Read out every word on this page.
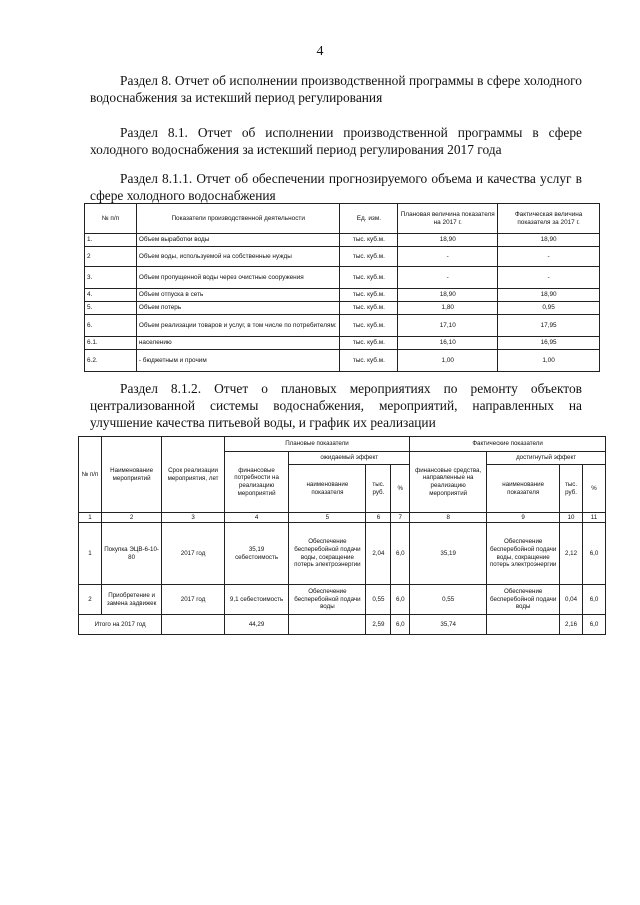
4
Раздел 8. Отчет об исполнении производственной программы в сфере холодного водоснабжения за истекший период регулирования
Раздел 8.1. Отчет об исполнении производственной программы в сфере холодного водоснабжения за истекший период регулирования 2017 года
Раздел 8.1.1. Отчет об обеспечении прогнозируемого объема и качества услуг в сфере холодного водоснабжения
№ п/п	Показатели производственной деятельности	Ед. изм.	Плановая величина показателя на 2017 г.	Фактическая величина показателя за 2017 г.
1.	Объем выработки воды	тыс. куб.м.	18,90	18,90
2	Объем воды, используемой на собственные нужды	тыс. куб.м.	-	-
3.	Объем пропущенной воды через очистные сооружения	тыс. куб.м.	-	-
4.	Объем отпуска в сеть	тыс. куб.м.	18,90	18,90
5.	Объем потерь	тыс. куб.м.	1,80	0,95
6.	Объем реализации товаров и услуг, в том числе по потребителям:	тыс. куб.м.	17,10	17,95
6.1.	населению	тыс. куб.м.	16,10	16,95
6.2.	- бюджетным и прочим	тыс. куб.м.	1,00	1,00
Раздел 8.1.2. Отчет о плановых мероприятиях по ремонту объектов централизованной системы водоснабжения, мероприятий, направленных на улучшение качества питьевой воды, и график их реализации
№ п/п	Наименование мероприятий	Срок реализации мероприятия, лет	Плановые показатели				Фактические показатели			
			финансовые потребности на реализацию мероприятий	ожидаемый эффект			финансовые средства, направленные на реализацию мероприятий	достигнутый эффект		
				наименование показателя	тыс. руб.	%		наименование показателя	тыс. руб.	%
1	2	3	4	5	6	7	8	9	10	11
1	Покупка ЭЦВ-6-10-80	2017 год	35,19 себестоимость	Обеспечение бесперебойной подачи воды, сокращение потерь электроэнергии	2,04	6,0	35,19	Обеспечение бесперебойной подачи воды, сокращение потерь электроэнергии	2,12	6,0
2	Приобретение и замена задвижек	2017 год	9,1 себестоимость	Обеспечение бесперебойной подачи воды	0,55	6,0	0,55	Обеспечение бесперебойной подачи воды	0,04	6,0
Итого на 2017 год			44,29		2,59	6,0	35,74		2,16	6,0
